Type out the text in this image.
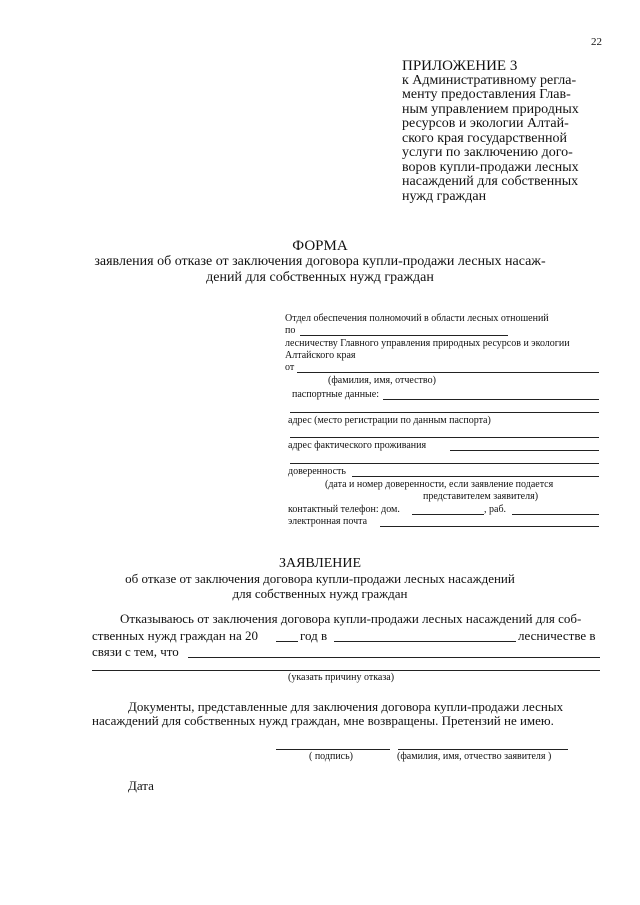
22
ПРИЛОЖЕНИЕ 3
к Административному регла-
менту предоставления Глав-
ным управлением природных
ресурсов и экологии Алтай-
ского края государственной
услуги по заключению дого-
воров купли-продажи лесных
насаждений для собственных
нужд граждан
ФОРМА
заявления об отказе от заключения договора купли-продажи лесных насаж-
дений для собственных нужд граждан
Отдел обеспечения полномочий в области лесных отношений
по
лесничеству Главного управления природных ресурсов и экологии
Алтайского края
от
(фамилия, имя, отчество)
паспортные данные:
адрес (место регистрации по данным паспорта)
адрес фактического проживания
доверенность
(дата и номер доверенности, если заявление подается
представителем заявителя)
контактный телефон: дом.	, раб.
электронная почта
ЗАЯВЛЕНИЕ
об отказе от заключения договора купли-продажи лесных насаждений
для собственных нужд граждан
Отказываюсь от заключения договора купли-продажи лесных насаждений для соб-
ственных нужд граждан на 20	год в	лесничестве в
связи с тем, что
(указать причину отказа)
Документы, представленные для заключения договора купли-продажи лесных
насаждений для собственных нужд граждан, мне возвращены. Претензий не имею.
( подпись)	(фамилия, имя, отчество заявителя )
Дата
